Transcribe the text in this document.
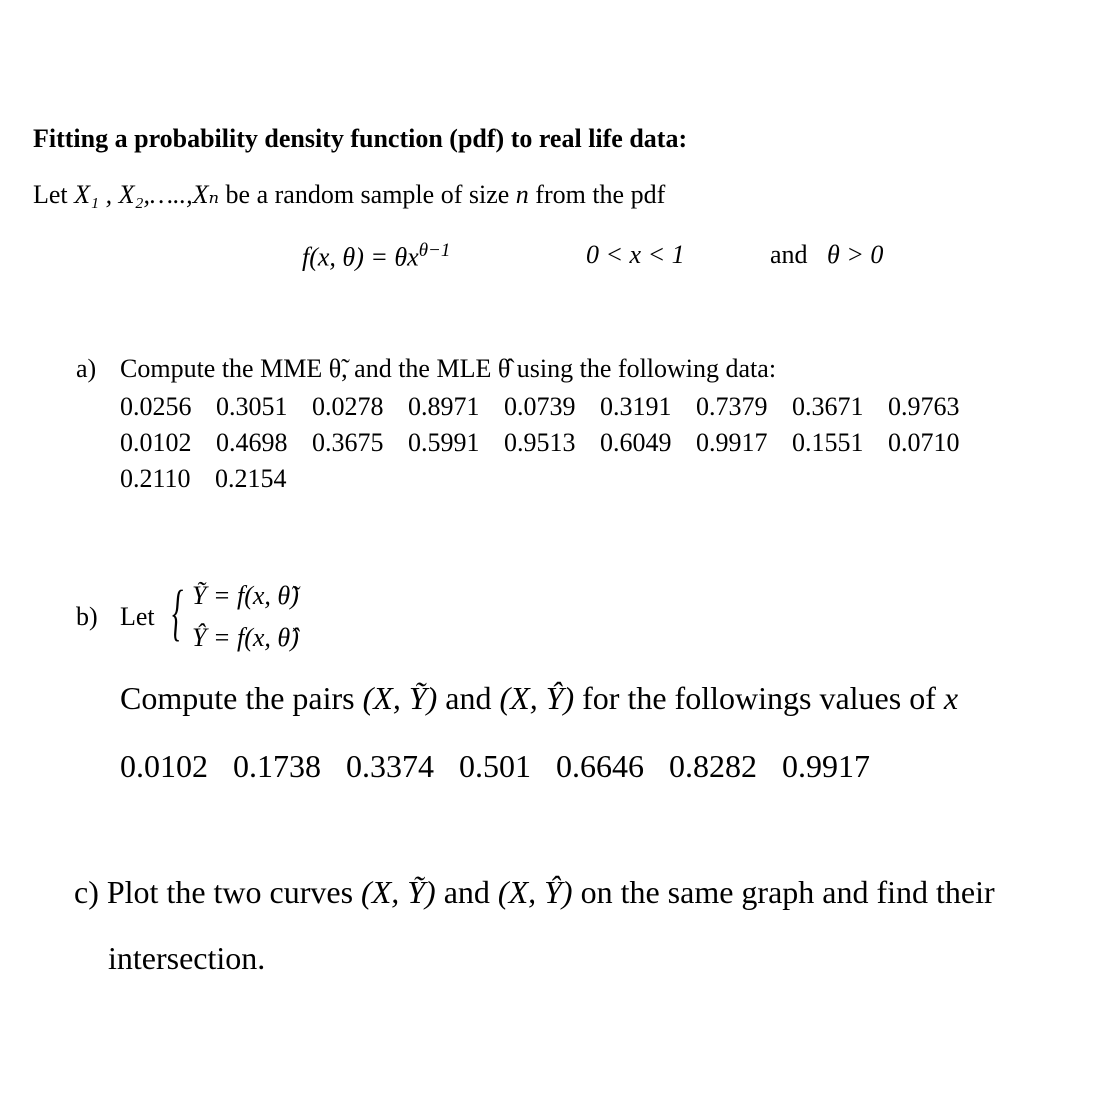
Fitting a probability density function (pdf) to real life data:
Let X₁ , X₂,…..,Xₙ be a random sample of size n from the pdf
f(x, $\theta) = \theta x^{\theta-1}$	0 < x < 1	and θ > 0
a) Compute the MME θ̃, and the MLE θ̂ using the following data:
0.0256 0.3051 0.0278 0.8971 0.0739 0.3191 0.7379 0.3671 0.9763
0.0102 0.4698 0.3675 0.5991 0.9513 0.6049 0.9917 0.1551 0.0710
0.2110 0.2154
b) Let { Ỹ = f(x, θ̃)
Ŷ = f(x, θ̂)
Compute the pairs (X, Ỹ) and (X, Ŷ) for the followings values of x
0.0102 0.1738 0.3374 0.501 0.6646 0.8282 0.9917
c) Plot the two curves (X, Ỹ) and (X, Ŷ) on the same graph and find their
intersection.
